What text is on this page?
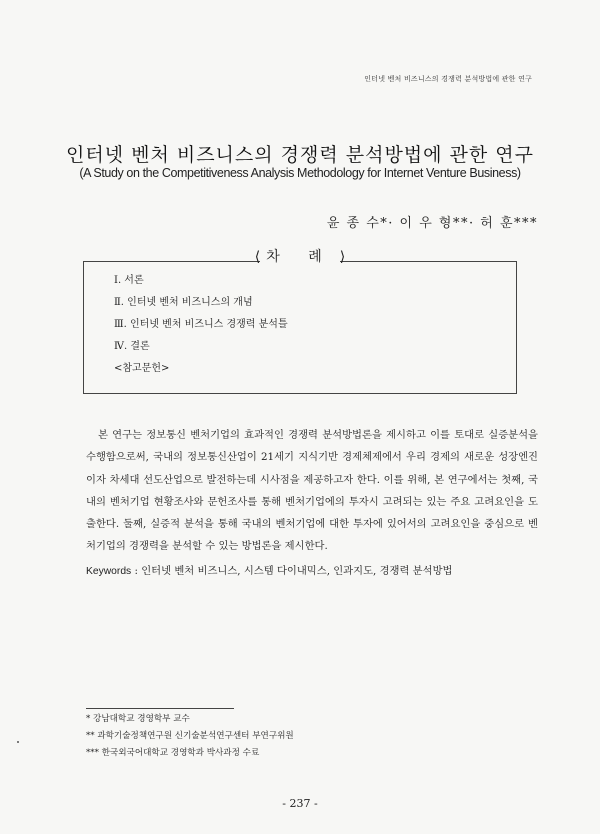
인터넷 벤처 비즈니스의 경쟁력 분석방법에 관한 연구
인터넷 벤처 비즈니스의 경쟁력 분석방법에 관한 연구
(A Study on the Competitiveness Analysis Methodology for Internet Venture Business)
윤 종 수*· 이 우 형**· 허 훈***
⟨ 차 례 ⟩
Ⅰ. 서론
Ⅱ. 인터넷 벤처 비즈니스의 개념
Ⅲ. 인터넷 벤처 비즈니스 경쟁력 분석틀
Ⅳ. 결론
<참고문헌>

본 연구는 정보통신 벤처기업의 효과적인 경쟁력 분석방법론을 제시하고 이를 토대로 실증분석을 수행함으로써, 국내의 정보통신산업이 21세기 지식기반 경제체제에서 우리 경제의 새로운 성장엔진이자 차세대 선도산업으로 발전하는데 시사점을 제공하고자 한다. 이를 위해, 본 연구에서는 첫째, 국내의 벤처기업 현황조사와 문헌조사를 통해 벤처기업에의 투자시 고려되는 있는 주요 고려요인을 도출한다. 둘째, 실증적 분석을 통해 국내의 벤처기업에 대한 투자에 있어서의 고려요인을 중심으로 벤처기업의 경쟁력을 분석할 수 있는 방법론을 제시한다.

Keywords : 인터넷 벤처 비즈니스, 시스템 다이내믹스, 인과지도, 경쟁력 분석방법
* 강남대학교 경영학부 교수
** 과학기술정책연구원 신기술분석연구센터 부연구위원
*** 한국외국어대학교 경영학과 박사과정 수료
- 237 -
